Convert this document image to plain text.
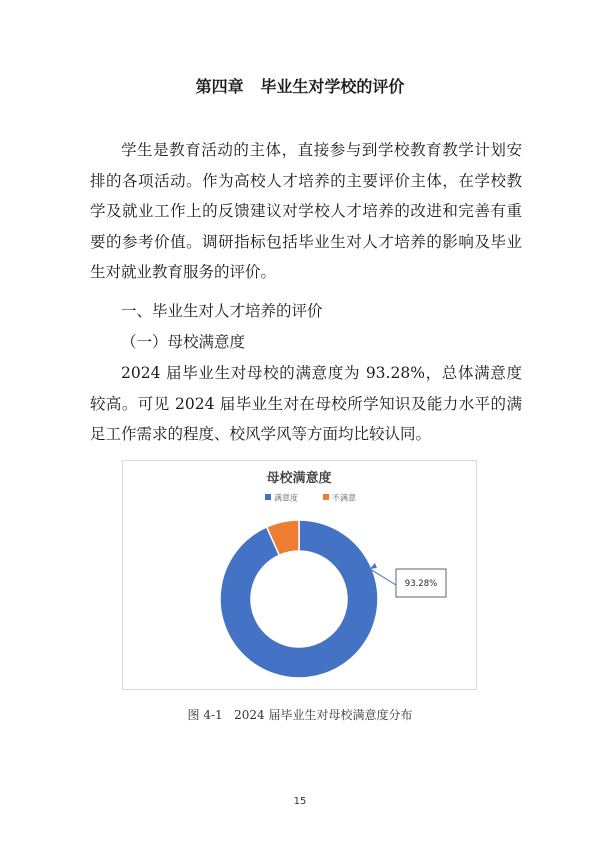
第四章   毕业生对学校的评价

学生是教育活动的主体，直接参与到学校教育教学计划安排的各项活动。作为高校人才培养的主要评价主体，在学校教学及就业工作上的反馈建议对学校人才培养的改进和完善有重要的参考价值。调研指标包括毕业生对人才培养的影响及毕业生对就业教育服务的评价。

一、毕业生对人才培养的评价
（一）母校满意度

2024 届毕业生对母校的满意度为 93.28%，总体满意度较高。可见 2024 届毕业生对在母校所学知识及能力水平的满足工作需求的程度、校风学风等方面均比较认同。

母校满意度
满意度	不满意
93.28%
图 4-1   2024 届毕业生对母校满意度分布
15
